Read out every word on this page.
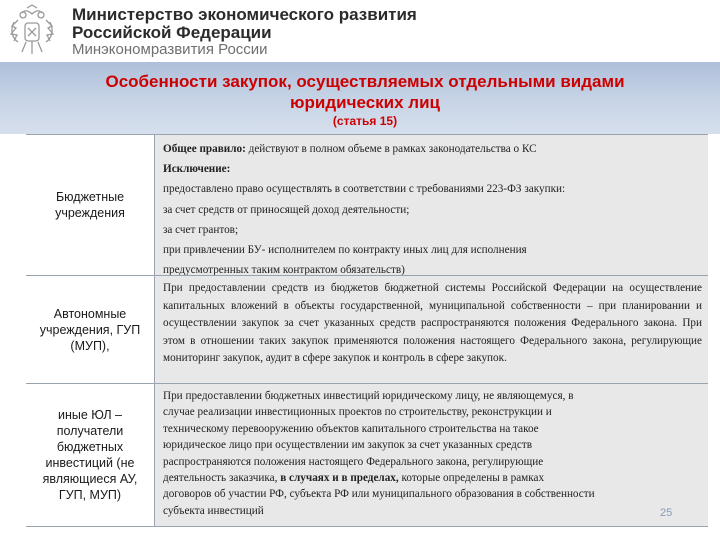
Министерство экономического развития
Российской Федерации
Минэкономразвития России
Особенности закупок, осуществляемых отдельными видами
юридических лиц
(статья 15)
Бюджетные учреждения

Общее правило: действуют в полном объеме в рамках законодательства о КС

Исключение:

предоставлено право осуществлять в соответствии с требованиями 223-ФЗ закупки:

за счет средств от приносящей доход деятельности;

за счет грантов;

при привлечении БУ- исполнителем по контракту иных лиц для исполнения

предусмотренных таким контрактом обязательств)

Автономные учреждения, ГУП (МУП),

При предоставлении средств из бюджетов бюджетной системы Российской Федерации на осуществление капитальных вложений в объекты государственной, муниципальной собственности – при планировании и осуществлении закупок за счет указанных средств распространяются положения Федерального закона. При этом в отношении таких закупок применяются положения настоящего Федерального закона, регулирующие мониторинг закупок, аудит в сфере закупок и контроль в сфере закупок.

иные ЮЛ – получатели бюджетных инвестиций (не являющиеся АУ, ГУП, МУП)

При предоставлении бюджетных инвестиций юридическому лицу, не являющемуся, в

случае реализации инвестиционных проектов по строительству, реконструкции и

техническому перевооружению объектов капитального строительства на такое

юридическое лицо при осуществлении им закупок за счет указанных средств

распространяются положения настоящего Федерального закона, регулирующие

деятельность заказчика, в случаях и в пределах, которые определены в рамках

договоров об участии РФ, субъекта РФ или муниципального образования в собственности

субъекта инвестиций	25
